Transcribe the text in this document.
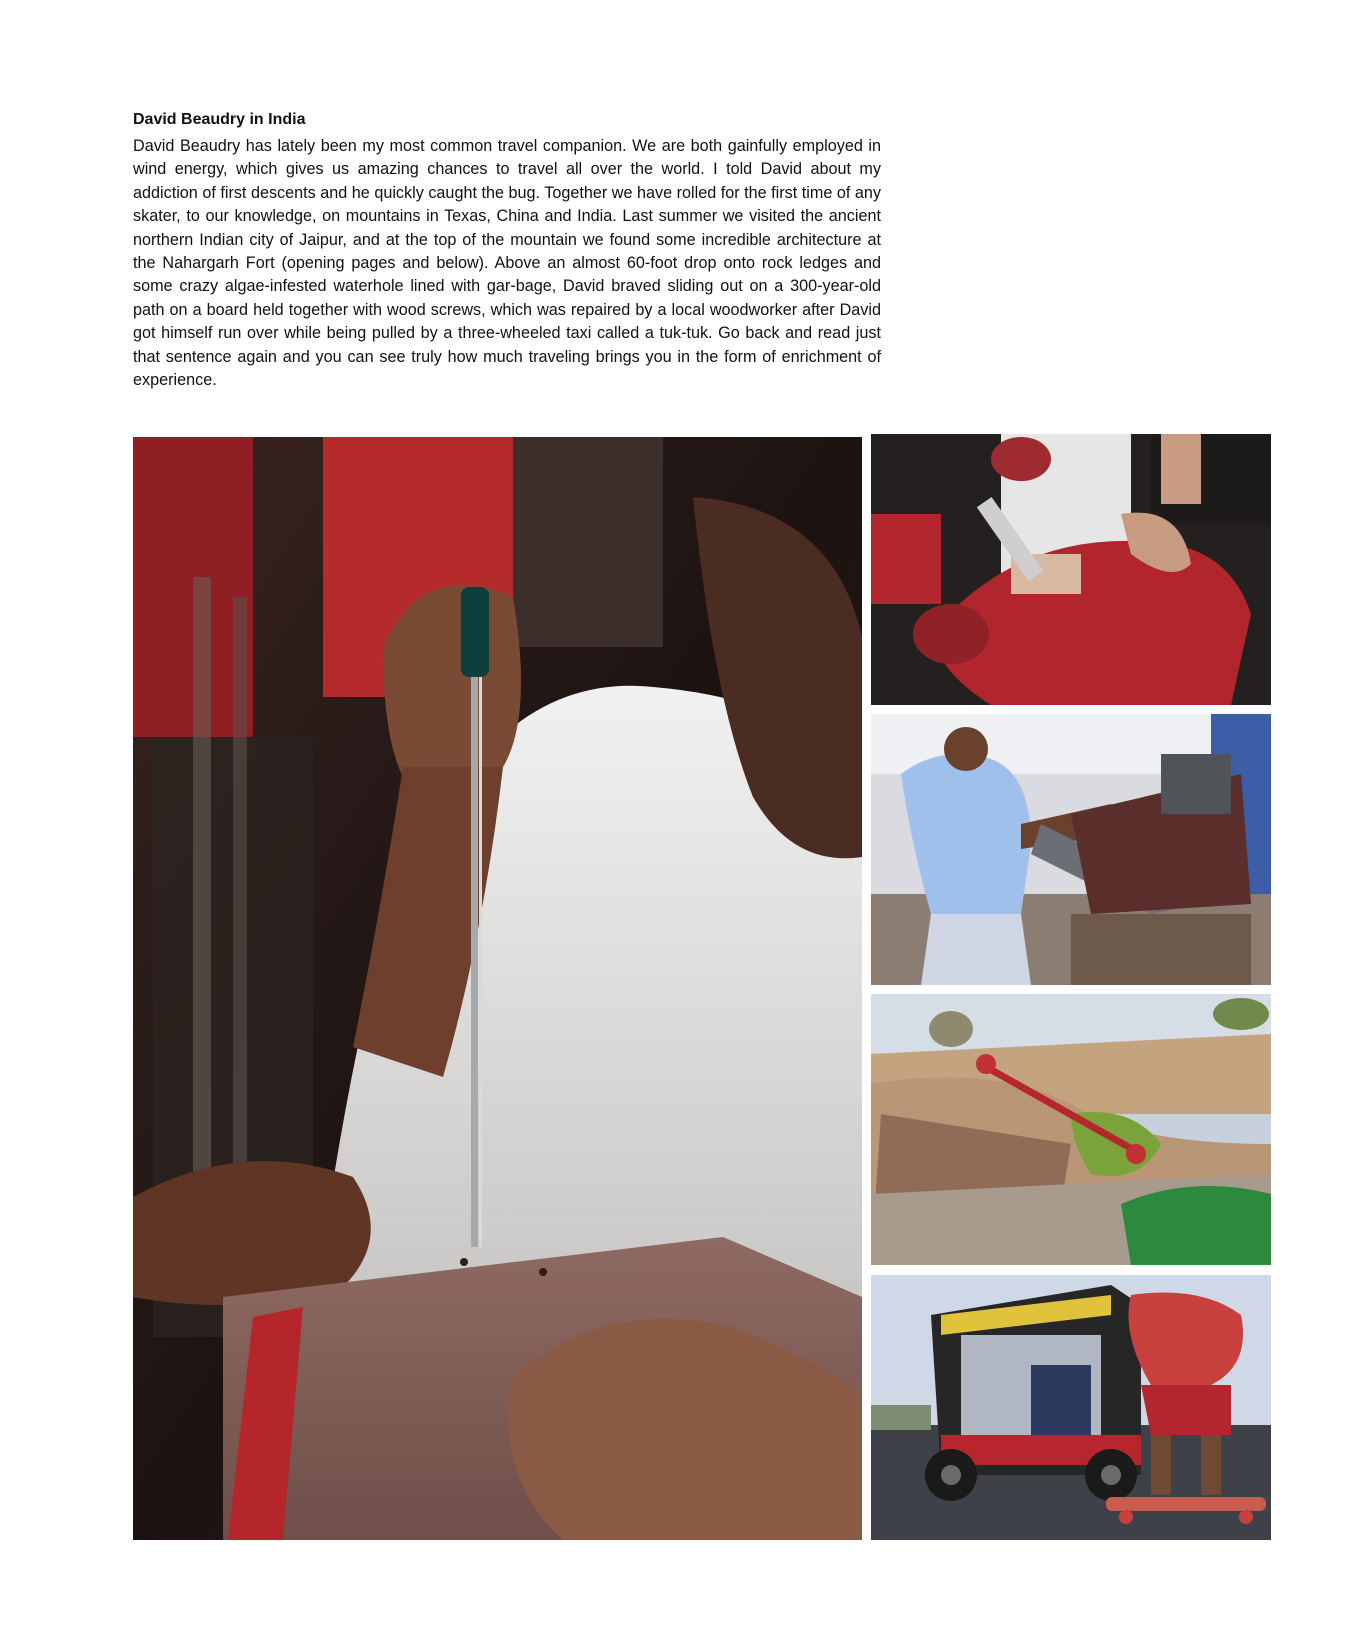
David Beaudry in India

David Beaudry has lately been my most common travel companion. We are both gainfully employed in wind energy, which gives us amazing chances to travel all over the world. I told David about my addiction of first descents and he quickly caught the bug. Together we have rolled for the first time of any skater, to our knowledge, on mountains in Texas, China and India. Last summer we visited the ancient northern Indian city of Jaipur, and at the top of the mountain we found some incredible architecture at the Nahargarh Fort (opening pages and below). Above an almost 60-foot drop onto rock ledges and some crazy algae-infested waterhole lined with gar-bage, David braved sliding out on a 300-year-old path on a board held together with wood screws, which was repaired by a local woodworker after David got himself run over while being pulled by a three-wheeled taxi called a tuk-tuk. Go back and read just that sentence again and you can see truly how much traveling brings you in the form of enrichment of experience.
